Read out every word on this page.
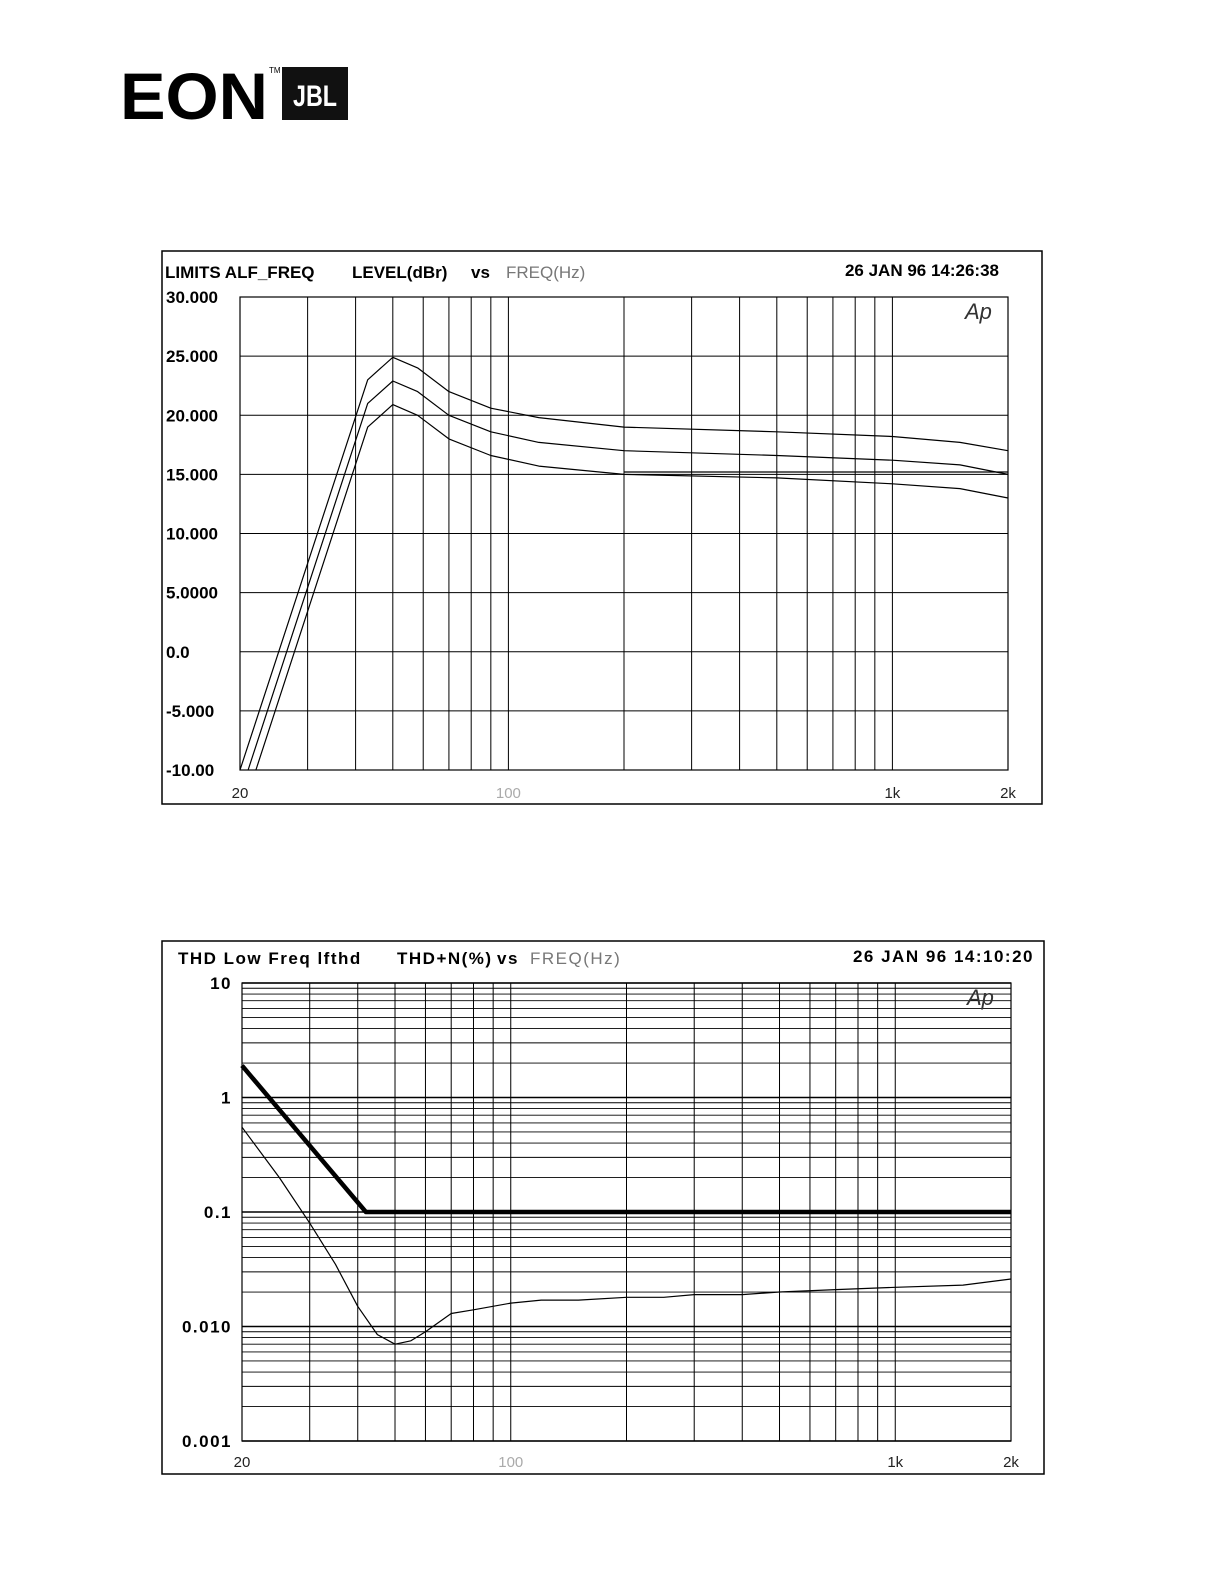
EON TM
JBL
LIMITS ALF_FREQ LEVEL(dBr) vs FREQ(Hz)	26 JAN 96 14:26:38
30.000
25.000
20.000
15.000
10.000
5.0000
0.0
-5.000
-10.00
20	100	1k	2k
Ap
THD Low Freq lfthd THD+N(%) vs FREQ(Hz)	26 JAN 96 14:10:20
10
1
0.1
0.010
0.001
20	100	1k	2k
Ap
